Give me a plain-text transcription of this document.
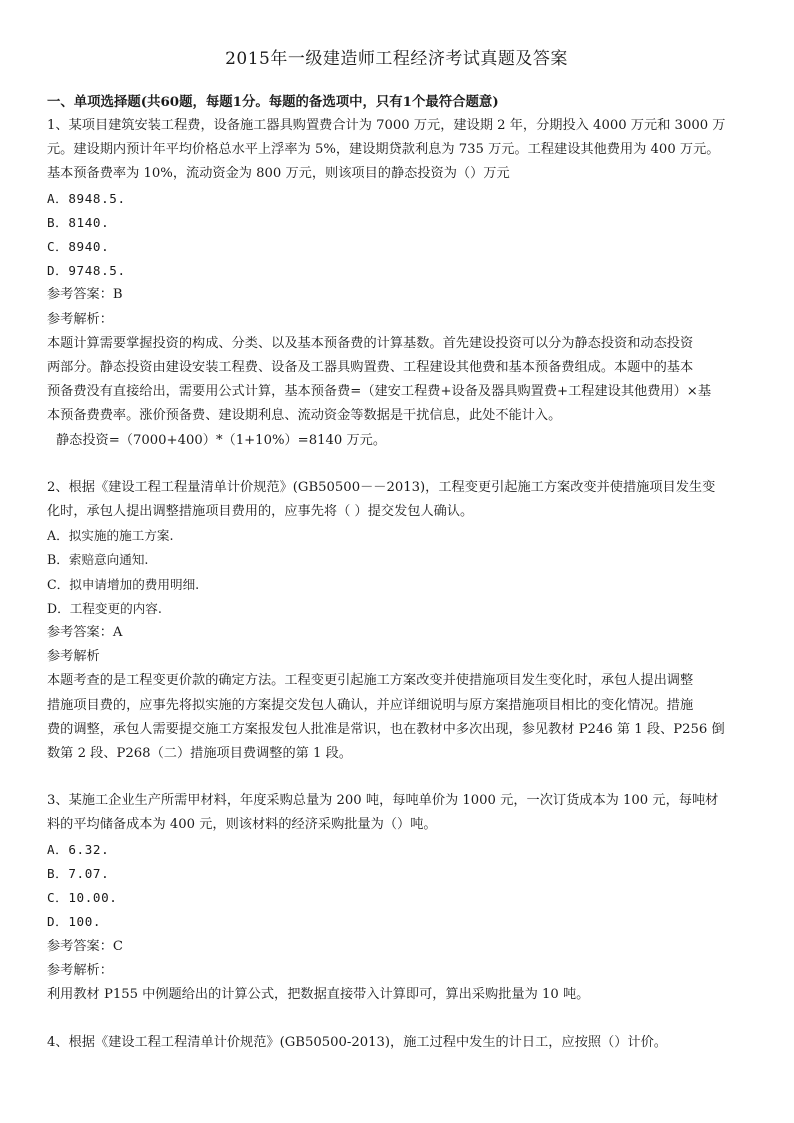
2015年一级建造师工程经济考试真题及答案
一、单项选择题(共60题，每题1分。每题的备选项中，只有1个最符合题意)
1、某项目建筑安装工程费，设备施工器具购置费合计为 7000 万元，建设期 2 年，分期投入 4000 万元和 3000 万
元。建设期内预计年平均价格总水平上浮率为 5%，建设期贷款利息为 735 万元。工程建设其他费用为 400 万元。
基本预备费率为 10%，流动资金为 800 万元，则该项目的静态投资为（）万元
A．8948.5.
B．8140.
C．8940.
D．9748.5.
参考答案：B
参考解析：
本题计算需要掌握投资的构成、分类、以及基本预备费的计算基数。首先建设投资可以分为静态投资和动态投资
两部分。静态投资由建设安装工程费、设备及工器具购置费、工程建设其他费和基本预备费组成。本题中的基本
预备费没有直接给出，需要用公式计算，基本预备费=（建安工程费+设备及器具购置费+工程建设其他费用）×基
本预备费费率。涨价预备费、建设期利息、流动资金等数据是干扰信息，此处不能计入。
静态投资=（7000+400）*（1+10%）=8140 万元。
2、根据《建设工程工程量清单计价规范》(GB50500－－2013)，工程变更引起施工方案改变并使措施项目发生变
化时，承包人提出调整措施项目费用的，应事先将（ ）提交发包人确认。
A．拟实施的施工方案.
B．索赔意向通知.
C．拟申请增加的费用明细.
D．工程变更的内容.
参考答案：A
参考解析
本题考查的是工程变更价款的确定方法。工程变更引起施工方案改变并使措施项目发生变化时，承包人提出调整
措施项目费的，应事先将拟实施的方案提交发包人确认，并应详细说明与原方案措施项目相比的变化情况。措施
费的调整，承包人需要提交施工方案报发包人批准是常识，也在教材中多次出现，参见教材 P246 第 1 段、P256 倒
数第 2 段、P268（二）措施项目费调整的第 1 段。
3、某施工企业生产所需甲材料，年度采购总量为 200 吨，每吨单价为 1000 元，一次订货成本为 100 元，每吨材
料的平均储备成本为 400 元，则该材料的经济采购批量为（）吨。
A．6.32.
B．7.07.
C．10.00.
D．100.
参考答案：C
参考解析：
利用教材 P155 中例题给出的计算公式，把数据直接带入计算即可，算出采购批量为 10 吨。
4、根据《建设工程工程清单计价规范》(GB50500-2013)，施工过程中发生的计日工，应按照（）计价。
